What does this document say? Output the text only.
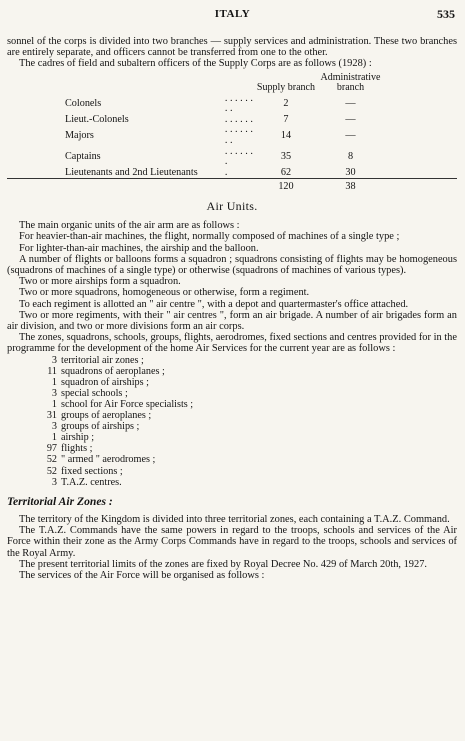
ITALY	535

sonnel of the corps is divided into two branches — supply services and administration. These two branches are entirely separate, and officers cannot be transferred from one to the other.

The cadres of field and subaltern officers of the Supply Corps are as follows (1928) :

		Supply branch	Administrative branch	
Colonels	. . . . . . . .	2	—	
Lieut.-Colonels	. . . . . .	7	—	
Majors	. . . . . . . .	14	—	
Captains	. . . . . . .	35	8	
Lieutenants and 2nd Lieutenants	.	62	30	
		120	38	
Air Units.

The main organic units of the air arm are as follows :

For heavier-than-air machines, the flight, normally composed of machines of a single type ;

For lighter-than-air machines, the airship and the balloon.

A number of flights or balloons forms a squadron ; squadrons consisting of flights may be homogeneous (squadrons of machines of a single type) or otherwise (squadrons of machines of various types).

Two or more airships form a squadron.

Two or more squadrons, homogeneous or otherwise, form a regiment.

To each regiment is allotted an " air centre ", with a depot and quartermaster's office attached.

Two or more regiments, with their " air centres ", form an air brigade. A number of air brigades form an air division, and two or more divisions form an air corps.

The zones, squadrons, schools, groups, flights, aerodromes, fixed sections and centres provided for in the programme for the development of the home Air Services for the current year are as follows :

3 territorial air zones ;
11 squadrons of aeroplanes ;
1 squadron of airships ;
3 special schools ;
1 school for Air Force specialists ;
31 groups of aeroplanes ;
3 groups of airships ;
1 airship ;
97 flights ;
52 " armed " aerodromes ;
52 fixed sections ;
3 T.A.Z. centres.
Territorial Air Zones :

The territory of the Kingdom is divided into three territorial zones, each containing a T.A.Z. Command.

The T.A.Z. Commands have the same powers in regard to the troops, schools and services of the Air Force within their zone as the Army Corps Commands have in regard to the troops, schools and services of the Royal Army.

The present territorial limits of the zones are fixed by Royal Decree No. 429 of March 20th, 1927.

The services of the Air Force will be organised as follows :
